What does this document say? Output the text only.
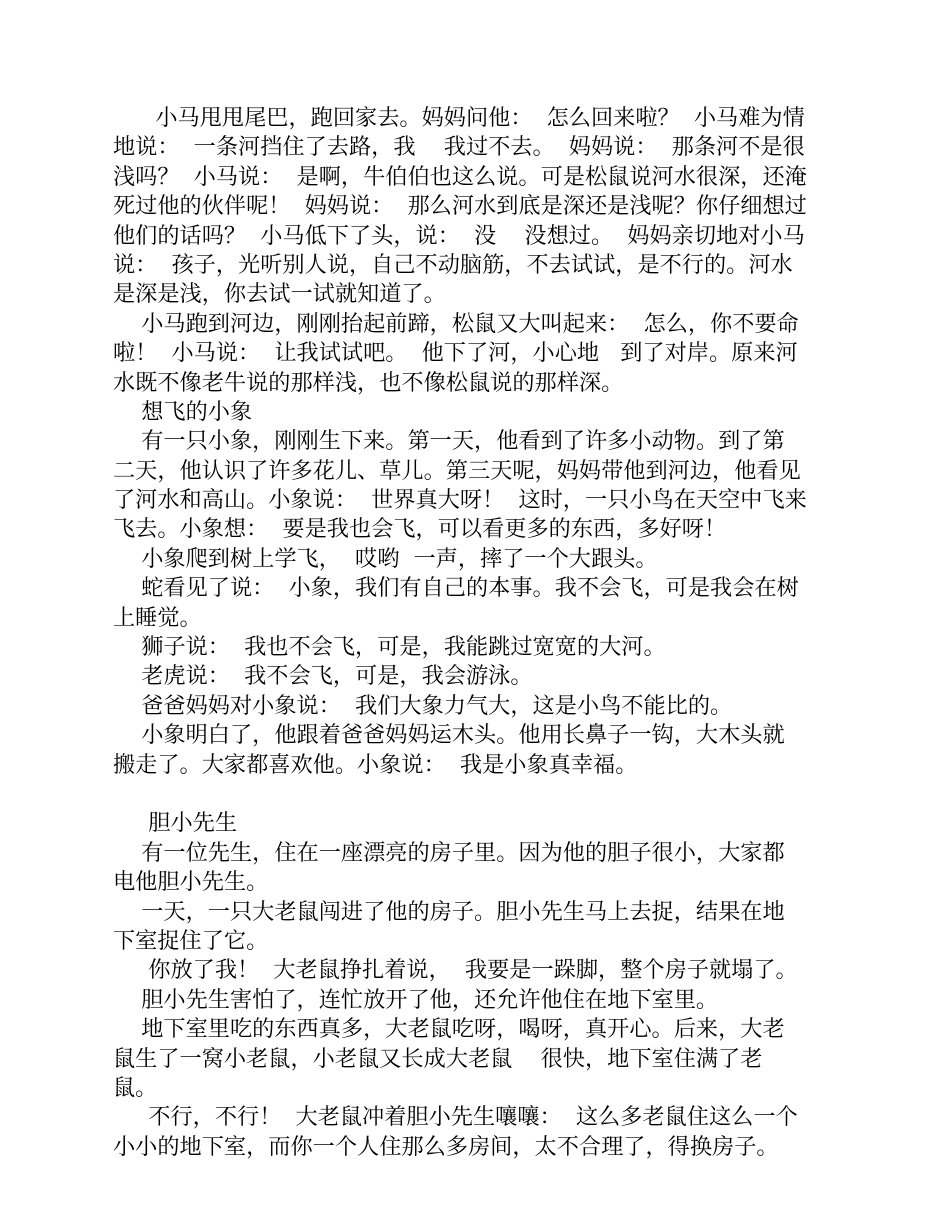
小马甩甩尾巴，跑回家去。妈妈问他：  怎么回来啦？  小马难为情
地说：  一条河挡住了去路，我    我过不去。  妈妈说：  那条河不是很
浅吗？  小马说：  是啊，牛伯伯也这么说。可是松鼠说河水很深，还淹
死过他的伙伴呢！  妈妈说：  那么河水到底是深还是浅呢？你仔细想过
他们的话吗？  小马低下了头，说：  没    没想过。  妈妈亲切地对小马
说：  孩子，光听别人说，自己不动脑筋，不去试试，是不行的。河水
是深是浅，你去试一试就知道了。
小马跑到河边，刚刚抬起前蹄，松鼠又大叫起来：  怎么，你不要命
啦！  小马说：  让我试试吧。  他下了河，小心地   到了对岸。原来河
水既不像老牛说的那样浅，也不像松鼠说的那样深。
想飞的小象
有一只小象，刚刚生下来。第一天，他看到了许多小动物。到了第
二天，他认识了许多花儿、草儿。第三天呢，妈妈带他到河边，他看见
了河水和高山。小象说：  世界真大呀！  这时，一只小鸟在天空中飞来
飞去。小象想：  要是我也会飞，可以看更多的东西，多好呀！
小象爬到树上学飞，  哎哟  一声，摔了一个大跟头。
蛇看见了说：  小象，我们有自己的本事。我不会飞，可是我会在树
上睡觉。
狮子说：  我也不会飞，可是，我能跳过宽宽的大河。
老虎说：  我不会飞，可是，我会游泳。
爸爸妈妈对小象说：  我们大象力气大，这是小鸟不能比的。
小象明白了，他跟着爸爸妈妈运木头。他用长鼻子一钩，大木头就
搬走了。大家都喜欢他。小象说：  我是小象真幸福。
胆小先生
有一位先生，住在一座漂亮的房子里。因为他的胆子很小，大家都
电他胆小先生。
一天，一只大老鼠闯进了他的房子。胆小先生马上去捉，结果在地
下室捉住了它。
你放了我！  大老鼠挣扎着说，  我要是一跺脚，整个房子就塌了。
胆小先生害怕了，连忙放开了他，还允许他住在地下室里。
地下室里吃的东西真多，大老鼠吃呀，喝呀，真开心。后来，大老
鼠生了一窝小老鼠，小老鼠又长成大老鼠    很快，地下室住满了老
鼠。
不行，不行！  大老鼠冲着胆小先生嚷嚷：  这么多老鼠住这么一个
小小的地下室，而你一个人住那么多房间，太不合理了，得换房子。
